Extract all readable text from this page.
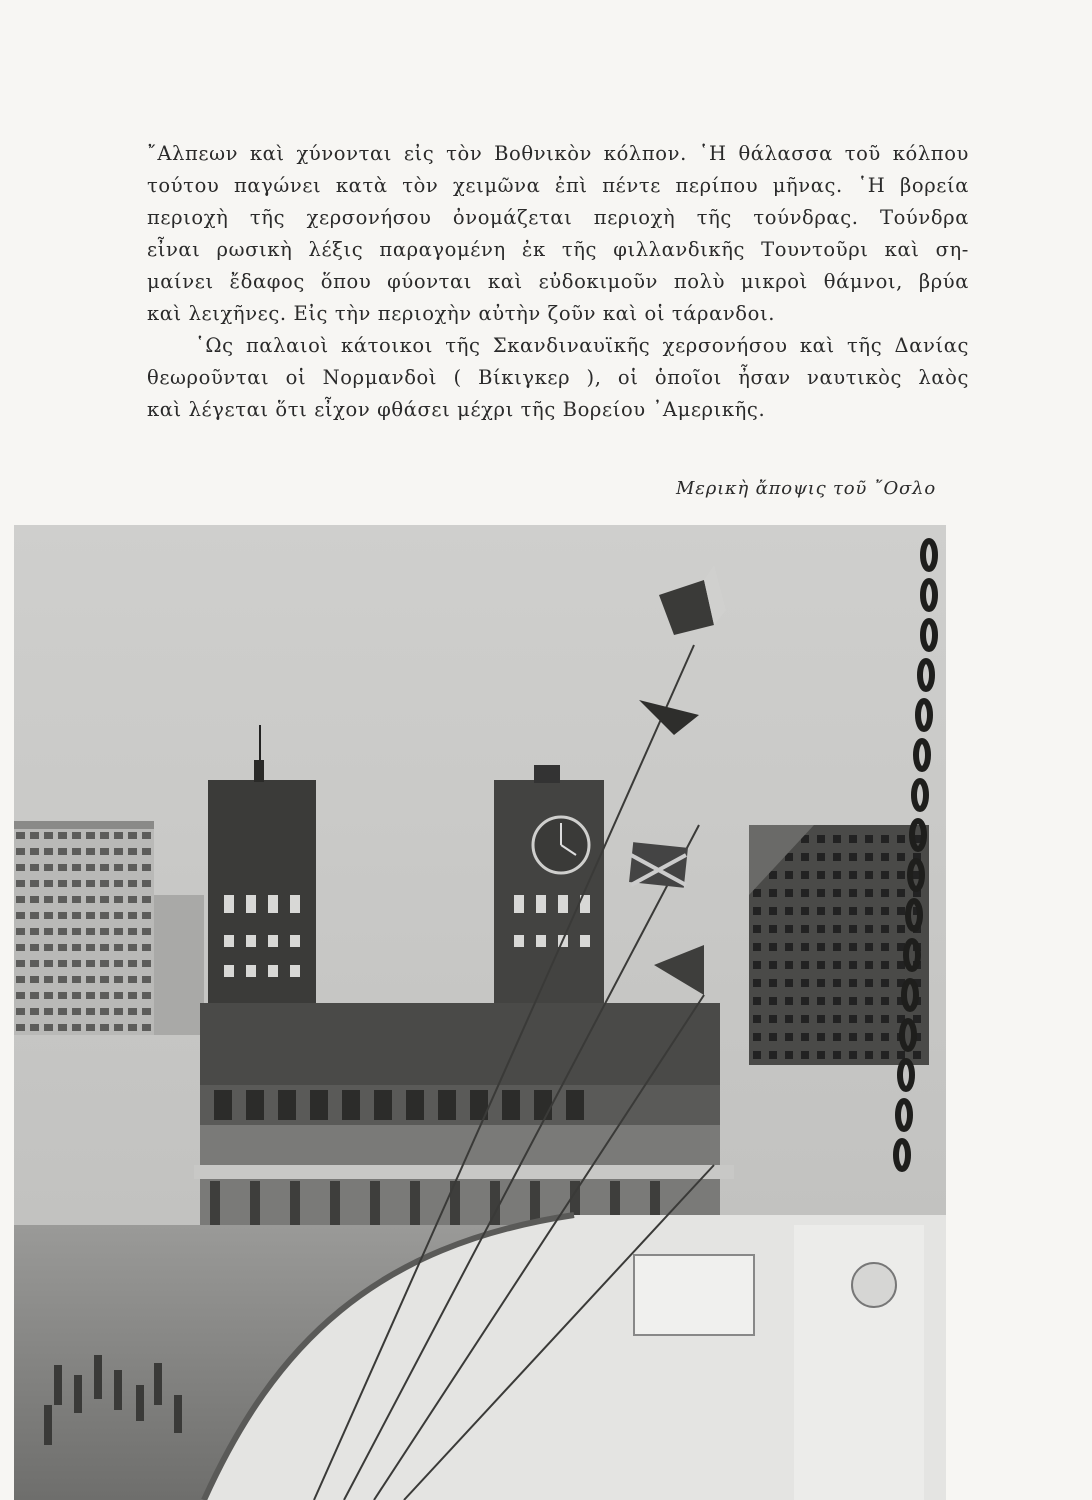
῎Αλπεων καὶ χύνονται εἰς τὸν Βοθνικὸν κόλπον. ῾Η θάλασσα τοῦ κόλπου
τούτου παγώνει κατὰ τὸν χειμῶνα ἐπὶ πέντε περίπου μῆνας. ῾Η βορεία
περιοχὴ τῆς χερσονήσου ὀνομάζεται περιοχὴ τῆς τούνδρας. Τούνδρα
εἶναι ρωσικὴ λέξις παραγομένη ἐκ τῆς φιλλανδικῆς Τουντοῦρι καὶ ση-
μαίνει ἔδαφος ὅπου φύονται καὶ εὐδοκιμοῦν πολὺ μικροὶ θάμνοι, βρύα
καὶ λειχῆνες. Εἰς τὴν περιοχὴν αὐτὴν ζοῦν καὶ οἱ τάρανδοι.
῾Ως παλαιοὶ κάτοικοι τῆς Σκανδιναυϊκῆς χερσονήσου καὶ τῆς Δανίας
θεωροῦνται οἱ Νορμανδοὶ ( Βίκιγκερ ), οἱ ὁποῖοι ἦσαν ναυτικὸς λαὸς
καὶ λέγεται ὅτι εἶχον φθάσει μέχρι τῆς Βορείου ᾿Αμερικῆς.
Μερικὴ ἄποψις τοῦ ῎Οσλο
